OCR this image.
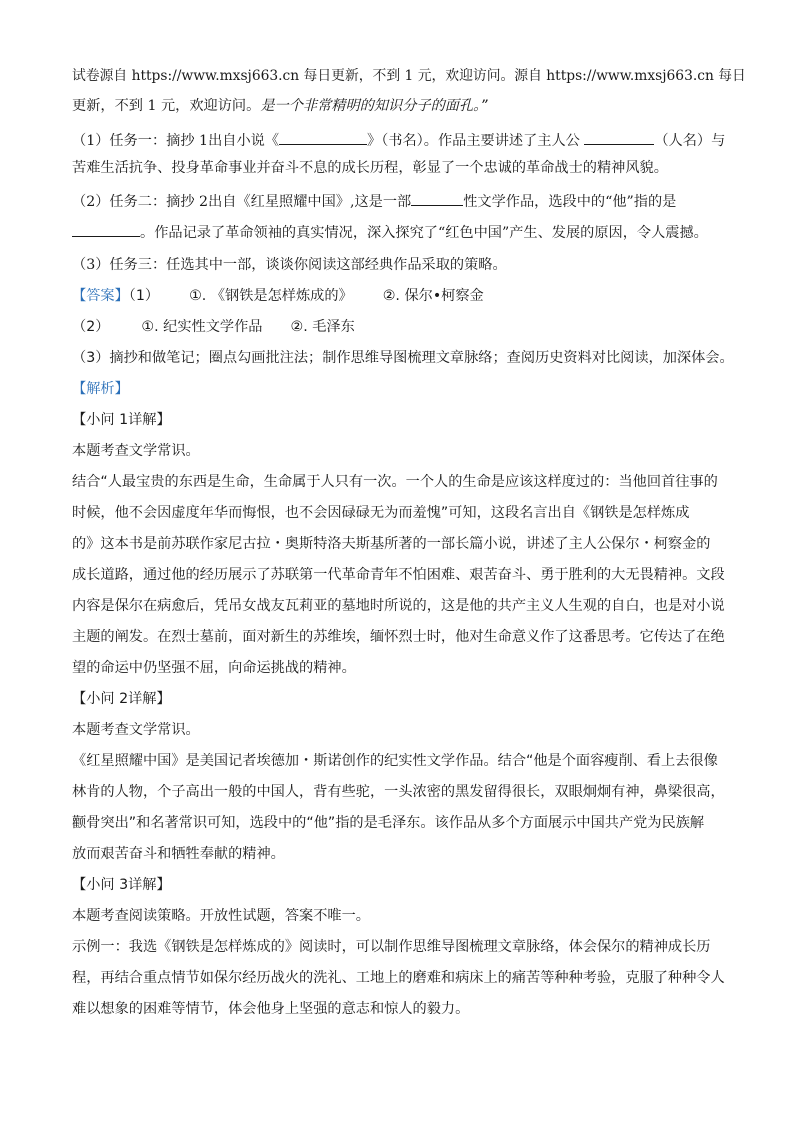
试卷源自 https://www.mxsj663.cn 每日更新，不到 1 元，欢迎访问。源自 https://www.mxsj663.cn 每日
更新，不到 1 元，欢迎访问。是一个非常精明的知识分子的面孔。”
（1）任务一：摘抄 1出自小说《	》（书名）。作品主要讲述了主人公	（人名）与
苦难生活抗争、投身革命事业并奋斗不息的成长历程，彰显了一个忠诚的革命战士的精神风貌。
（2）任务二：摘抄 2出自《红星照耀中国》,这是一部	性文学作品，选段中的“他”指的是
。作品记录了革命领袖的真实情况，深入探究了“红色中国”产生、发展的原因，令人震撼。
（3）任务三：任选其中一部，谈谈你阅读这部经典作品采取的策略。
【答案】（1） ①. 《钢铁是怎样炼成的》 ②. 保尔•柯察金
（2） ①. 纪实性文学作品 ②. 毛泽东
（3）摘抄和做笔记；圈点勾画批注法；制作思维导图梳理文章脉络；查阅历史资料对比阅读，加深体会。
【解析】
【小问 1详解】
本题考查文学常识。
结合“人最宝贵的东西是生命，生命属于人只有一次。一个人的生命是应该这样度过的：当他回首往事的
时候，他不会因虚度年华而悔恨，也不会因碌碌无为而羞愧”可知，这段名言出自《钢铁是怎样炼成
的》这本书是前苏联作家尼古拉・奥斯特洛夫斯基所著的一部长篇小说，讲述了主人公保尔・柯察金的
成长道路，通过他的经历展示了苏联第一代革命青年不怕困难、艰苦奋斗、勇于胜利的大无畏精神。文段
内容是保尔在病愈后，凭吊女战友瓦莉亚的墓地时所说的，这是他的共产主义人生观的自白，也是对小说
主题的阐发。在烈士墓前，面对新生的苏维埃，缅怀烈士时，他对生命意义作了这番思考。它传达了在绝
望的命运中仍坚强不屈，向命运挑战的精神。
【小问 2详解】
本题考查文学常识。
《红星照耀中国》是美国记者埃德加・斯诺创作的纪实性文学作品。结合“他是个面容瘦削、看上去很像
林肯的人物，个子高出一般的中国人，背有些驼，一头浓密的黑发留得很长，双眼炯炯有神，鼻梁很高，
颧骨突出”和名著常识可知，选段中的“他”指的是毛泽东。该作品从多个方面展示中国共产党为民族解
放而艰苦奋斗和牺牲奉献的精神。
【小问 3详解】
本题考查阅读策略。开放性试题，答案不唯一。
示例一：我选《钢铁是怎样炼成的》阅读时，可以制作思维导图梳理文章脉络，体会保尔的精神成长历
程，再结合重点情节如保尔经历战火的洗礼、工地上的磨难和病床上的痛苦等种种考验，克服了种种令人
难以想象的困难等情节，体会他身上坚强的意志和惊人的毅力。
